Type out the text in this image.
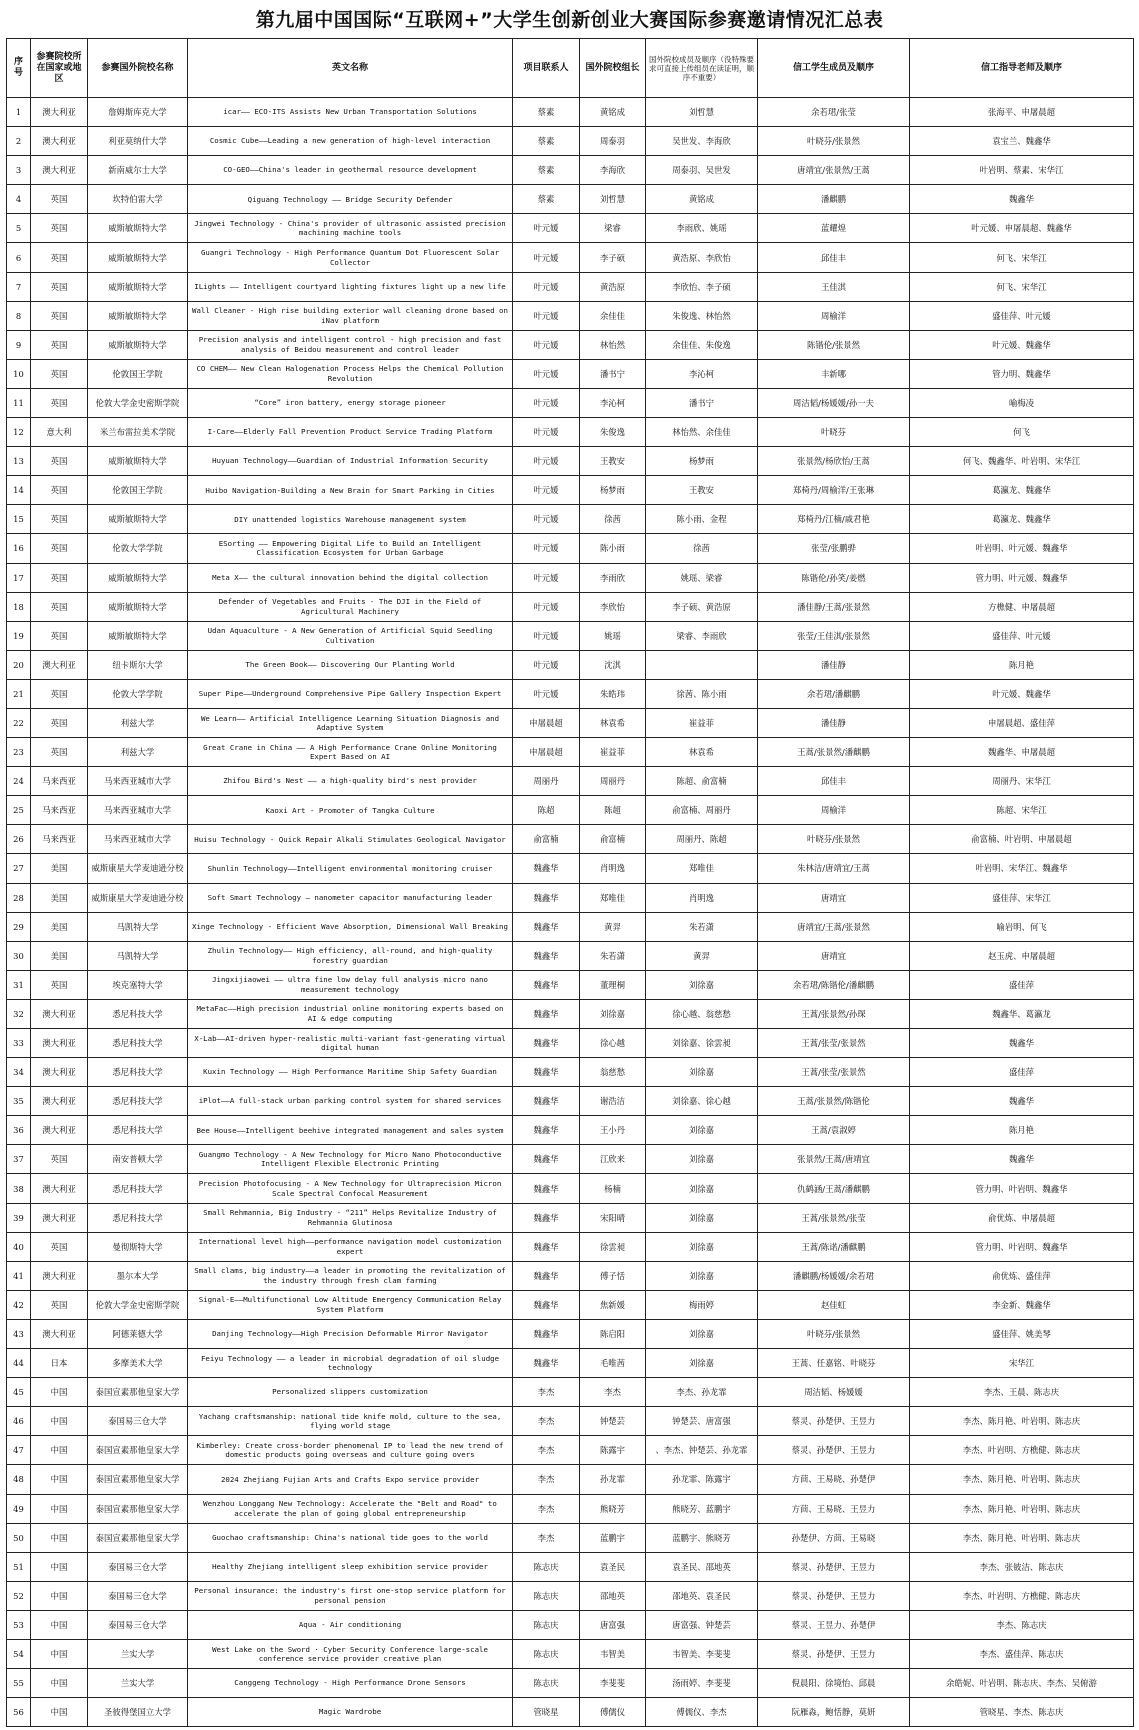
第九届中国国际“互联网+”大学生创新创业大赛国际参赛邀请情况汇总表
序号	参赛院校所在国家或地区	参赛国外院校名称	英文名称	项目联系人	国外院校组长	国外院校成员及顺序（没特殊要求可直接上传组员在读证明，顺序不重要）	信工学生成员及顺序	信工指导老师及顺序
1	澳大利亚	詹姆斯库克大学	icar—— ECO-ITS Assists New Urban Transportation Solutions	蔡素	黄铭成	刘哲慧	余若珺/张莹	张海平、申屠晨超
2	澳大利亚	利亚莫纳什大学	Cosmic Cube——Leading a new generation of high-level interaction	蔡素	周泰羽	吴世发、李海欣	叶晓芬/张景然	袁宝兰、魏鑫华
3	澳大利亚	新南威尔士大学	CO-GEO——China's leader in geothermal resource development	蔡素	李海欣	周泰羽、吴世发	唐靖宜/张景然/王蒿	叶岩明、蔡素、宋华江
4	英国	坎特伯雷大学	Qiguang Technology —— Bridge Security Defender	蔡素	刘哲慧	黄铭成	潘麒鹏	魏鑫华
5	英国	威斯敏斯特大学	Jingwei Technology - China's provider of ultrasonic assisted precision machining machine tools	叶元媛	梁睿	李雨欣、姚瑶	蓝耀煌	叶元媛、申屠晨超、魏鑫华
6	英国	威斯敏斯特大学	Guangri Technology - High Performance Quantum Dot Fluorescent Solar Collector	叶元媛	李子硕	黄浩原、李欣怡	邱佳丰	何飞、宋华江
7	英国	威斯敏斯特大学	ILights —— Intelligent courtyard lighting fixtures light up a new life	叶元媛	黄浩原	李欣怡、李子硕	王佳淇	何飞、宋华江
8	英国	威斯敏斯特大学	Wall Cleaner - High rise building exterior wall cleaning drone based on iNav platform	叶元媛	余佳佳	朱俊逸、林怡然	周榆洋	盛佳萍、叶元媛
9	英国	威斯敏斯特大学	Precision analysis and intelligent control - high precision and fast analysis of Beidou measurement and control leader	叶元媛	林怡然	余佳佳、朱俊逸	陈锴伦/张景然	叶元媛、魏鑫华
10	英国	伦敦国王学院	CO CHEM—— New Clean Halogenation Process Helps the Chemical Pollution Revolution	叶元媛	潘书宁	李沁柯	丰新哪	管力明、魏鑫华
11	英国	伦敦大学金史密斯学院	“Core” iron battery, energy storage pioneer	叶元媛	李沁柯	潘书宁	周洁韬/杨媛媛/孙一夫	喻梅凌
12	意大利	米兰布雷拉美术学院	I-Care——Elderly Fall Prevention Product Service Trading Platform	叶元媛	朱俊逸	林怡然、余佳佳	叶晓芬	何飞
13	英国	威斯敏斯特大学	Huyuan Technology——Guardian of Industrial Information Security	叶元媛	王教安	杨梦雨	张景然/杨欣怡/王蒿	何飞、魏鑫华、叶岩明、宋华江
14	英国	伦敦国王学院	Huibo Navigation-Building a New Brain for Smart Parking in Cities	叶元媛	杨梦雨	王教安	郑椅丹/周榆洋/王张琳	葛瀛龙、魏鑫华
15	英国	威斯敏斯特大学	DIY unattended logistics Warehouse management system	叶元媛	徐茜	陈小雨、金程	郑椅丹/江楠/戚君艳	葛瀛龙、魏鑫华
16	英国	伦敦大学学院	ESorting —— Empowering Digital Life to Build an Intelligent Classification Ecosystem for Urban Garbage	叶元媛	陈小雨	徐茜	张莹/张鹏骅	叶岩明、叶元媛、魏鑫华
17	英国	威斯敏斯特大学	Meta X—— the cultural innovation behind the digital collection	叶元媛	李雨欣	姚瑶、梁睿	陈锴伦/孙笑/姜燃	管力明、叶元媛、魏鑫华
18	英国	威斯敏斯特大学	Defender of Vegetables and Fruits - The DJI in the Field of Agricultural Machinery	叶元媛	李欣怡	李子硕、黄浩原	潘佳静/王蒿/张景然	方樵健、申屠晨超
19	英国	威斯敏斯特大学	Udan Aquaculture - A New Generation of Artificial Squid Seedling Cultivation	叶元媛	姚瑶	梁睿、李雨欣	张莹/王佳淇/张景然	盛佳萍、叶元媛
20	澳大利亚	纽卡斯尔大学	The Green Book—— Discovering Our Planting World	叶元媛	沈淇		潘佳静	陈月艳
21	英国	伦敦大学学院	Super Pipe——Underground Comprehensive Pipe Gallery Inspection Expert	叶元媛	朱皓玮	徐茜、陈小雨	余若珺/潘麒鹏	叶元媛、魏鑫华
22	英国	利兹大学	We Learn—— Artificial Intelligence Learning Situation Diagnosis and Adaptive System	申屠晨超	林袁希	崔益菲	潘佳静	申屠晨超、盛佳萍
23	英国	利兹大学	Great Crane in China —— A High Performance Crane Online Monitoring Expert Based on AI	申屠晨超	崔益菲	林袁希	王蒿/张景然/潘麒鹏	魏鑫华、申屠晨超
24	马来西亚	马来西亚城市大学	Zhifou Bird's Nest —— a high-quality bird's nest provider	周丽丹	周丽丹	陈超、俞富楠	邱佳丰	周丽丹、宋华江
25	马来西亚	马来西亚城市大学	Kaoxi Art - Promoter of Tangka Culture	陈超	陈超	俞富楠、周丽丹	周榆洋	陈超、宋华江
26	马来西亚	马来西亚城市大学	Huisu Technology - Quick Repair Alkali Stimulates Geological Navigator	俞富楠	俞富楠	周丽丹、陈超	叶晓芬/张景然	俞富楠、叶岩明、申屠晨超
27	美国	威斯康星大学麦迪逊分校	Shunlin Technology——Intelligent environmental monitoring cruiser	魏鑫华	肖明逸	郑唯佳	朱林洁/唐靖宜/王蒿	叶岩明、宋华江、魏鑫华
28	美国	威斯康星大学麦迪逊分校	Soft Smart Technology — nanometer capacitor manufacturing leader	魏鑫华	郑唯佳	肖明逸	唐靖宜	盛佳萍、宋华江
29	美国	马凯特大学	Xinge Technology - Efficient Wave Absorption, Dimensional Wall Breaking	魏鑫华	黄羿	朱若潇	唐靖宜/王蒿/张景然	喻岩明、何飞
30	美国	马凯特大学	Zhulin Technology—— High efficiency, all-round, and high-quality forestry guardian	魏鑫华	朱若潇	黄羿	唐靖宜	赵玉虎、申屠晨超
31	英国	埃克塞特大学	Jingxijiaowei —— ultra fine low delay full analysis micro nano measurement technology	魏鑫华	董理桐	刘徐嘉	余若珺/陈锴伦/潘麒鹏	盛佳萍
32	澳大利亚	悉尼科技大学	MetaFac——High precision industrial online monitoring experts based on AI & edge computing	魏鑫华	刘徐嘉	徐心越、翁慈愁	王蒿/张景然/孙琛	魏鑫华、葛瀛龙
33	澳大利亚	悉尼科技大学	X-Lab——AI-driven hyper-realistic multi-variant fast-generating virtual digital human	魏鑫华	徐心越	刘徐嘉、徐雲昶	王蒿/张莹/张景然	魏鑫华
34	澳大利亚	悉尼科技大学	Kuxin Technology —— High Performance Maritime Ship Safety Guardian	魏鑫华	翁慈愁	刘徐嘉	王蒿/张莹/张景然	盛佳萍
35	澳大利亚	悉尼科技大学	iPlot——A full-stack urban parking control system for shared services	魏鑫华	谢浩洁	刘徐嘉、徐心越	王蒿/张景然/陈锴伦	魏鑫华
36	澳大利亚	悉尼科技大学	Bee House——Intelligent beehive integrated management and sales system	魏鑫华	王小丹	刘徐嘉	王蒿/袁淑婷	陈月艳
37	英国	南安普顿大学	Guangmo Technology - A New Technology for Micro Nano Photoconductive Intelligent Flexible Electronic Printing	魏鑫华	江欣来	刘徐嘉	张景然/王蒿/唐靖宜	魏鑫华
38	澳大利亚	悉尼科技大学	Precision Photofocusing - A New Technology for Ultraprecision Micron Scale Spectral Confocal Measurement	魏鑫华	杨楠	刘徐嘉	仇鹤涵/王蒿/潘麒鹏	管力明、叶岩明、魏鑫华
39	澳大利亚	悉尼科技大学	Small Rehmannia, Big Industry - “211” Helps Revitalize Industry of Rehmannia Glutinosa	魏鑫华	宋阳晴	刘徐嘉	王蒿/张景然/张莹	俞优炼、申屠晨超
40	英国	曼彻斯特大学	International level high——performance navigation model customization expert	魏鑫华	徐雲昶	刘徐嘉	王蒿/陈诺/潘麒鹏	管力明、叶岩明、魏鑫华
41	澳大利亚	墨尔本大学	Small clams, big industry——a leader in promoting the revitalization of the industry through fresh clam farming	魏鑫华	傅子恬	刘徐嘉	潘麒鹏/杨媛媛/余若珺	俞优炼、盛佳萍
42	英国	伦敦大学金史密斯学院	Signal-E——Multifunctional Low Altitude Emergency Communication Relay System Platform	魏鑫华	焦新媛	梅雨婷	赵佳虹	李金新、魏鑫华
43	澳大利亚	阿德莱德大学	Danjing Technology——High Precision Deformable Mirror Navigator	魏鑫华	陈启阳	刘徐嘉	叶晓芬/张景然	盛佳萍、姚美琴
44	日本	多摩美术大学	Feiyu Technology —— a leader in microbial degradation of oil sludge technology	魏鑫华	毛唯茜	刘徐嘉	王蒿、任嘉铭、叶晓芬	宋华江
45	中国	泰国宣素那他皇家大学	Personalized slippers customization	李杰	李杰	李杰、孙龙霏	周洁韬、杨媛媛	李杰、王晨、陈志庆
46	中国	泰国易三仓大学	Yachang craftsmanship: national tide knife mold, culture to the sea, flying world stage	李杰	钟楚芸	钟楚芸、唐富强	蔡灵、孙楚伊、王昱力	李杰、陈月艳、叶岩明、陈志庆
47	中国	泰国宣素那他皇家大学	Kimberley: Create cross-border phenomenal IP to lead the new trend of domestic products going overseas and culture going overs	李杰	陈露宇	、李杰、钟楚芸、孙龙霏	蔡灵、孙楚伊、王昱力	李杰、叶岩明、方樵健、陈志庆
48	中国	泰国宣素那他皇家大学	2024 Zhejiang Fujian Arts and Crafts Expo service provider	李杰	孙龙霏	孙龙霏、陈露宇	方茴、王易晓、孙楚伊	李杰、陈月艳、叶岩明、陈志庆
49	中国	泰国宣素那他皇家大学	Wenzhou Longgang New Technology: Accelerate the "Belt and Road" to accelerate the plan of going global entrepreneurship	李杰	熊晓芳	熊晓芳、蓝鹏宇	方茴、王易晓、王昱力	李杰、陈月艳、叶岩明、陈志庆
50	中国	泰国宣素那他皇家大学	Guochao craftsmanship: China's national tide goes to the world	李杰	蓝鹏宇	蓝鹏宇、熊晓芳	孙楚伊、方茴、王易晓	李杰、陈月艳、叶岩明、陈志庆
51	中国	泰国易三仓大学	Healthy Zhejiang intelligent sleep exhibition service provider	陈志庆	袁圣民	袁圣民、邵地英	蔡灵、孙楚伊、王昱力	李杰、张铍洁、陈志庆
52	中国	泰国易三仓大学	Personal insurance: the industry's first one-stop service platform for personal pension	陈志庆	邵地英	邵地英、袁圣民	蔡灵、孙楚伊、王昱力	李杰、叶岩明、方樵健、陈志庆
53	中国	泰国易三仓大学	Aqua - Air conditioning	陈志庆	唐富强	唐富强、钟楚芸	蔡灵、王昱力、孙楚伊	李杰、陈志庆
54	中国	兰实大学	West Lake on the Sword · Cyber Security Conference large-scale conference service provider creative plan	陈志庆	韦智美	韦智美、李斐斐	蔡灵、孙楚伊、王昱力	李杰、盛佳萍、陈志庆
55	中国	兰实大学	Canggeng Technology - High Performance Drone Sensors	陈志庆	李斐斐	汤雨婷、李斐斐	倪晨阳、徐境怡、邱晨	余皓妮、叶岩明、陈志庆、李杰、吴俯游
56	中国	圣彼得堡国立大学	Magic Wardrobe	管晓星	傅儒仪	傅儒仪、李杰	阮雁淼，鲍恬静，莫妍	管晓星、李杰、陈志庆
